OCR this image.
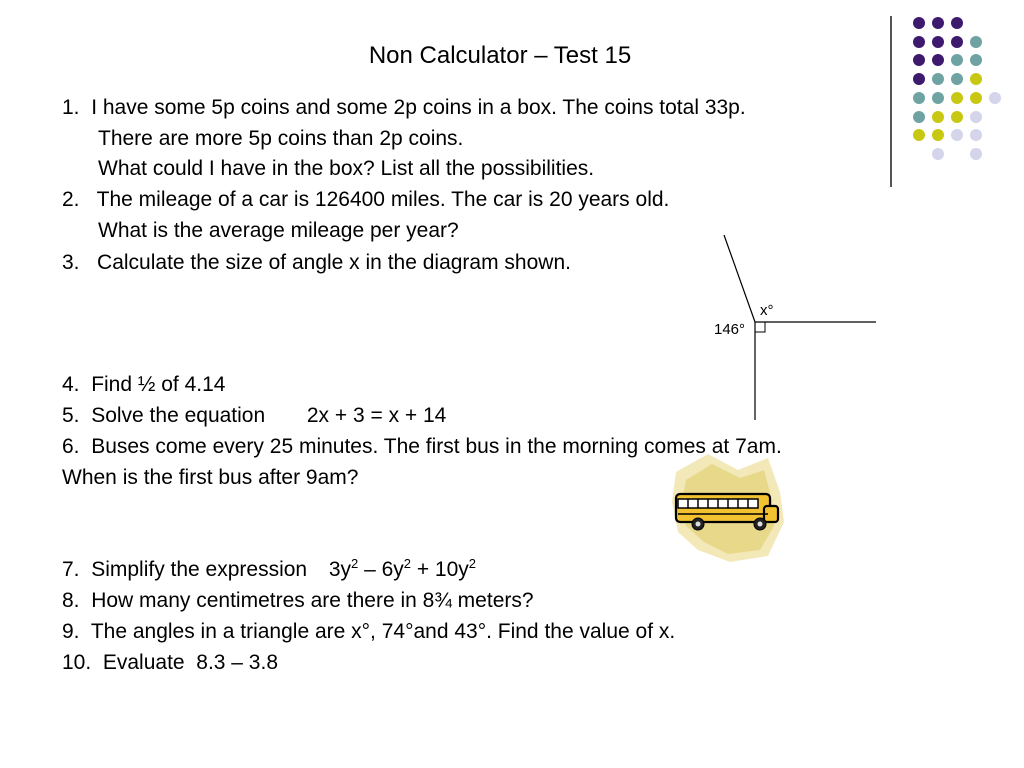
Non Calculator – Test 15
1. I have some 5p coins and some 2p coins in a box. The coins total 33p.
There are more 5p coins than 2p coins.
What could I have in the box? List all the possibilities.
2. The mileage of a car is 126400 miles. The car is 20 years old.
What is the average mileage per year?
3. Calculate the size of angle x in the diagram shown.
x°
146°
4. Find ½ of 4.14
5. Solve the equation 2x + 3 = x + 14
6. Buses come every 25 minutes. The first bus in the morning comes at 7am.
When is the first bus after 9am?
7. Simplify the expression $3y^2 - 6y^2 + 10y^2$
8. How many centimetres are there in 8¾ meters?
9. The angles in a triangle are x°, 74°and 43°. Find the value of x.
10. Evaluate  8.3 – 3.8
